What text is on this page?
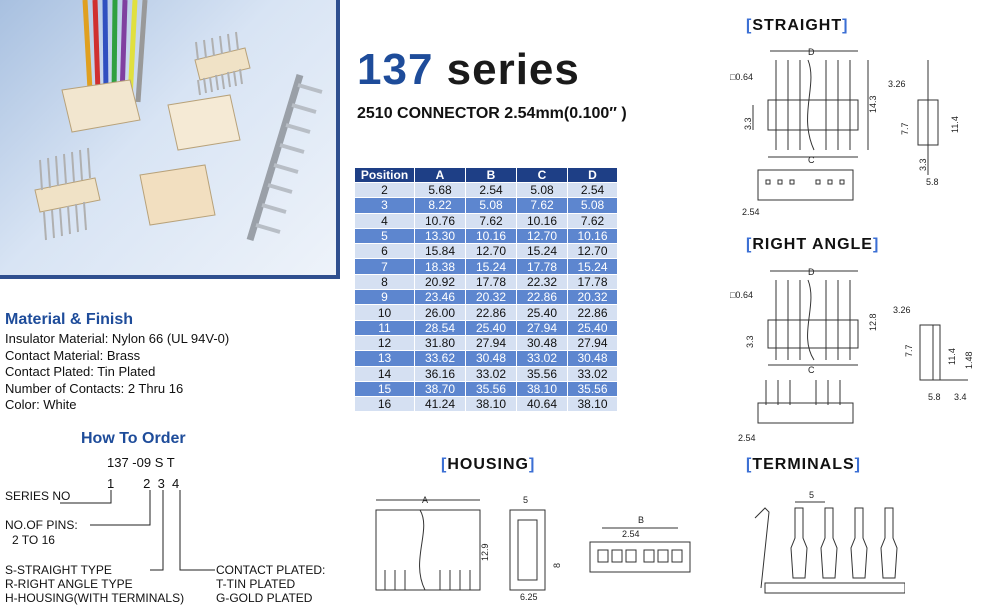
137 series
2510 CONNECTOR 2.54mm(0.100″ )
Position	A	B	C	D
2	5.68	2.54	5.08	2.54
3	8.22	5.08	7.62	5.08
4	10.76	7.62	10.16	7.62
5	13.30	10.16	12.70	10.16
6	15.84	12.70	15.24	12.70
7	18.38	15.24	17.78	15.24
8	20.92	17.78	22.32	17.78
9	23.46	20.32	22.86	20.32
10	26.00	22.86	25.40	22.86
11	28.54	25.40	27.94	25.40
12	31.80	27.94	30.48	27.94
13	33.62	30.48	33.02	30.48
14	36.16	33.02	35.56	33.02
15	38.70	35.56	38.10	35.56
16	41.24	38.10	40.64	38.10
Material & Finish
Insulator Material: Nylon 66 (UL 94V-0)
Contact Material: Brass
Contact Plated: Tin Plated
Number of Contacts: 2 Thru 16
Color: White
How To Order
137 -09 S T
1        2  3  4
SERIES NO
NO.OF PINS:
2 TO 16
S-STRAIGHT TYPE
R-RIGHT ANGLE TYPE
H-HOUSING(WITH TERMINALS)
CONTACT PLATED:
T-TIN PLATED
G-GOLD PLATED
[STRAIGHT]
[RIGHT ANGLE]
[HOUSING]	[TERMINALS]
D
□0.64
C
14.3
3.3
2.54
3.26
7.7	11.4
3.3
5.8
D
□0.64
C
12.8
3.3
2.54
3.26
7.7	11.4 1.48
5.8 3.4
A
12.9
5
8
6.25
B
2.54
5
